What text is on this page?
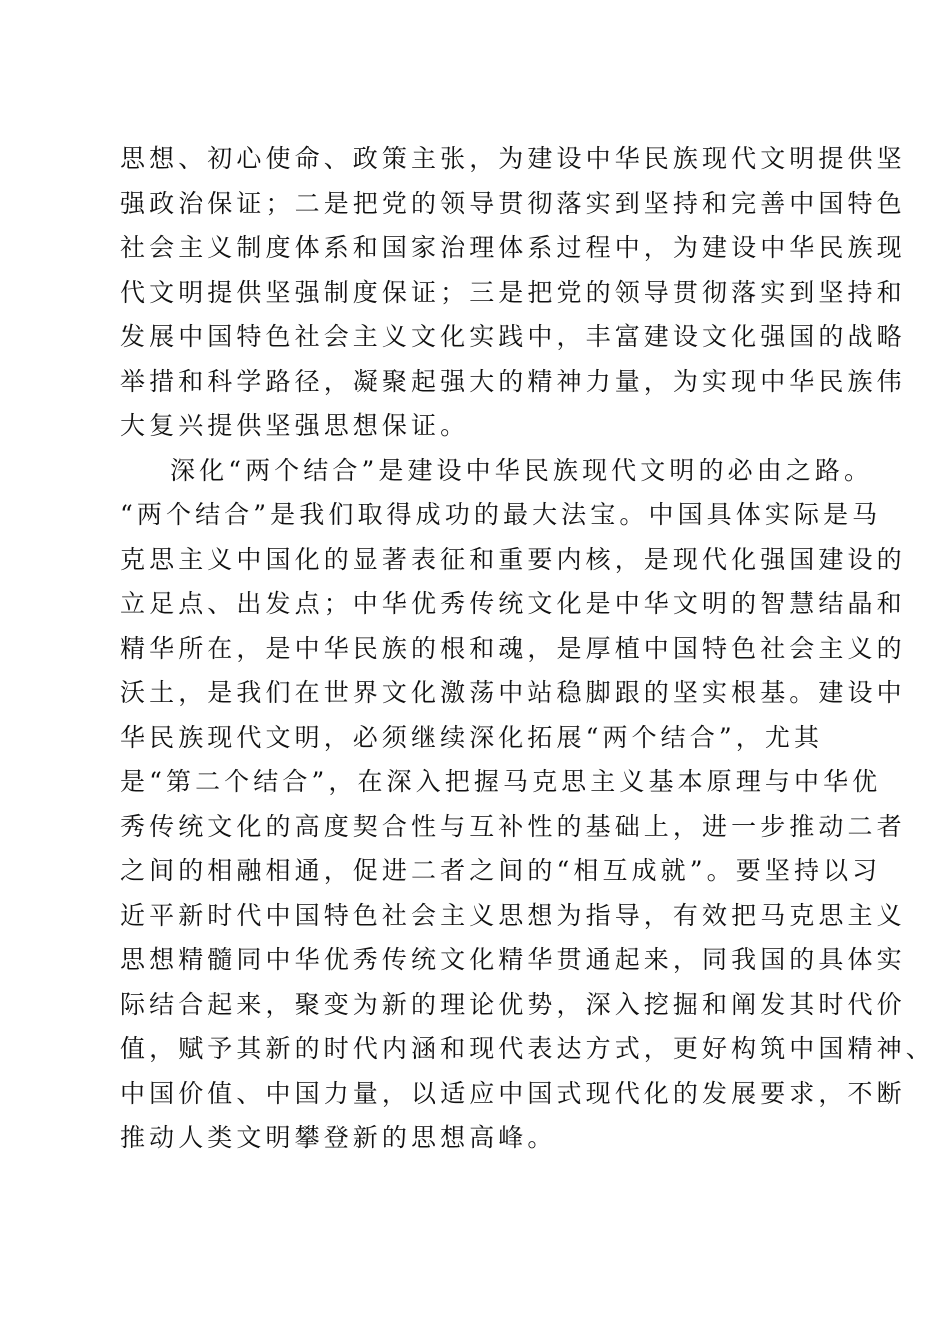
思想、初心使命、政策主张，为建设中华民族现代文明提供坚
强政治保证；二是把党的领导贯彻落实到坚持和完善中国特色
社会主义制度体系和国家治理体系过程中，为建设中华民族现
代文明提供坚强制度保证；三是把党的领导贯彻落实到坚持和
发展中国特色社会主义文化实践中，丰富建设文化强国的战略
举措和科学路径，凝聚起强大的精神力量，为实现中华民族伟
大复兴提供坚强思想保证。
深化“两个结合”是建设中华民族现代文明的必由之路。
“两个结合”是我们取得成功的最大法宝。中国具体实际是马
克思主义中国化的显著表征和重要内核，是现代化强国建设的
立足点、出发点；中华优秀传统文化是中华文明的智慧结晶和
精华所在，是中华民族的根和魂，是厚植中国特色社会主义的
沃土，是我们在世界文化激荡中站稳脚跟的坚实根基。建设中
华民族现代文明，必须继续深化拓展“两个结合”，尤其
是“第二个结合”，在深入把握马克思主义基本原理与中华优
秀传统文化的高度契合性与互补性的基础上，进一步推动二者
之间的相融相通，促进二者之间的“相互成就”。要坚持以习
近平新时代中国特色社会主义思想为指导，有效把马克思主义
思想精髓同中华优秀传统文化精华贯通起来，同我国的具体实
际结合起来，聚变为新的理论优势，深入挖掘和阐发其时代价
值，赋予其新的时代内涵和现代表达方式，更好构筑中国精神、
中国价值、中国力量，以适应中国式现代化的发展要求，不断
推动人类文明攀登新的思想高峰。
